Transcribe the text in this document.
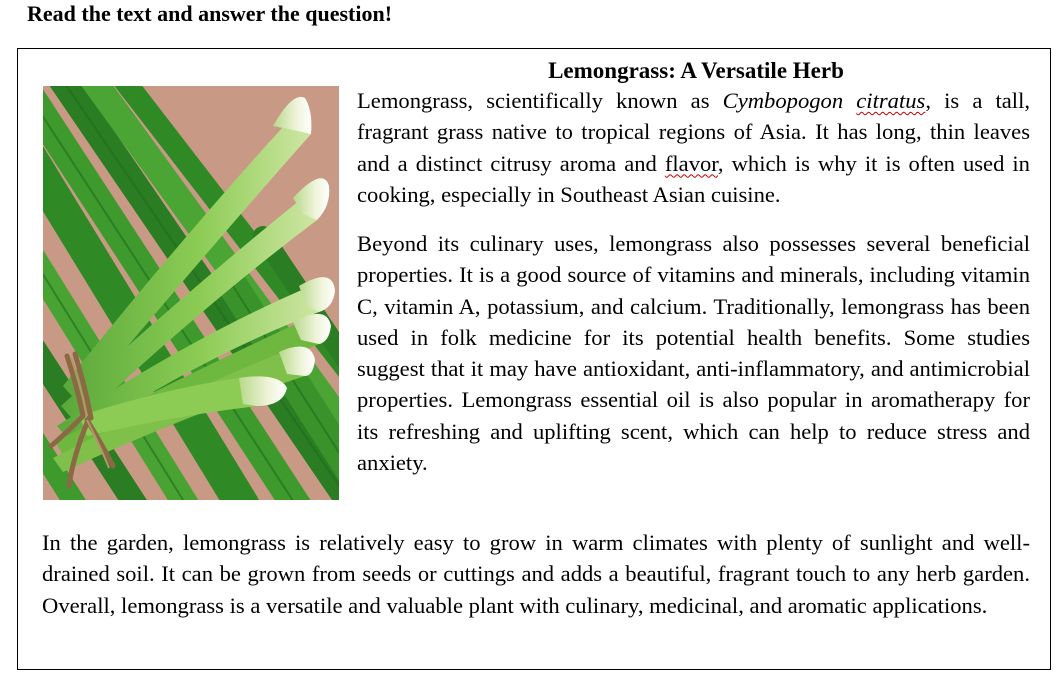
Read the text and answer the question!
Lemongrass: A Versatile Herb

Lemongrass, scientifically known as Cymbopogon citratus, is a tall, fragrant grass native to tropical regions of Asia. It has long, thin leaves and a distinct citrusy aroma and flavor, which is why it is often used in cooking, especially in Southeast Asian cuisine.

Beyond its culinary uses, lemongrass also possesses several beneficial properties. It is a good source of vitamins and minerals, including vitamin C, vitamin A, potassium, and calcium. Traditionally, lemongrass has been used in folk medicine for its potential health benefits. Some studies suggest that it may have antioxidant, anti-inflammatory, and antimicrobial properties. Lemongrass essential oil is also popular in aromatherapy for its refreshing and uplifting scent, which can help to reduce stress and anxiety.

In the garden, lemongrass is relatively easy to grow in warm climates with plenty of sunlight and well-drained soil. It can be grown from seeds or cuttings and adds a beautiful, fragrant touch to any herb garden. Overall, lemongrass is a versatile and valuable plant with culinary, medicinal, and aromatic applications.
